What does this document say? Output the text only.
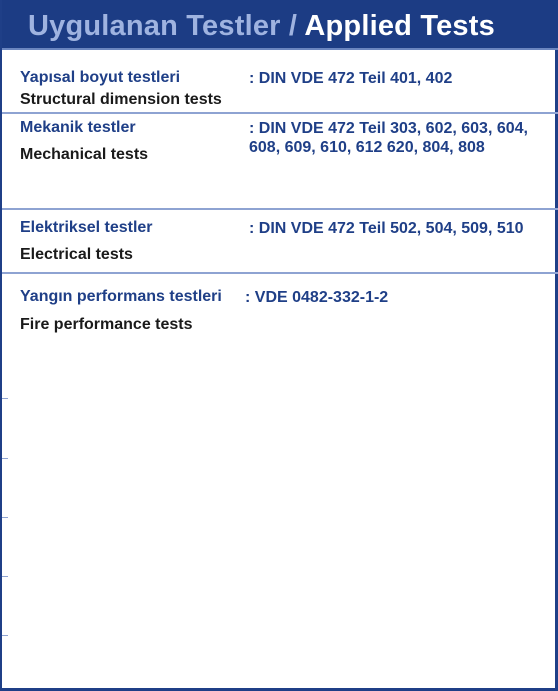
Uygulanan Testler / Applied Tests
Yapısal boyut testleri
Structural dimension tests
: DIN VDE 472 Teil 401, 402
Mekanik testler
Mechanical tests
: DIN VDE 472 Teil 303, 602, 603, 604, 608, 609, 610, 612 620, 804, 808
Elektriksel testler
Electrical tests
: DIN VDE 472 Teil 502, 504, 509, 510
Yangın performans testleri
Fire performance tests
: VDE 0482-332-1-2
